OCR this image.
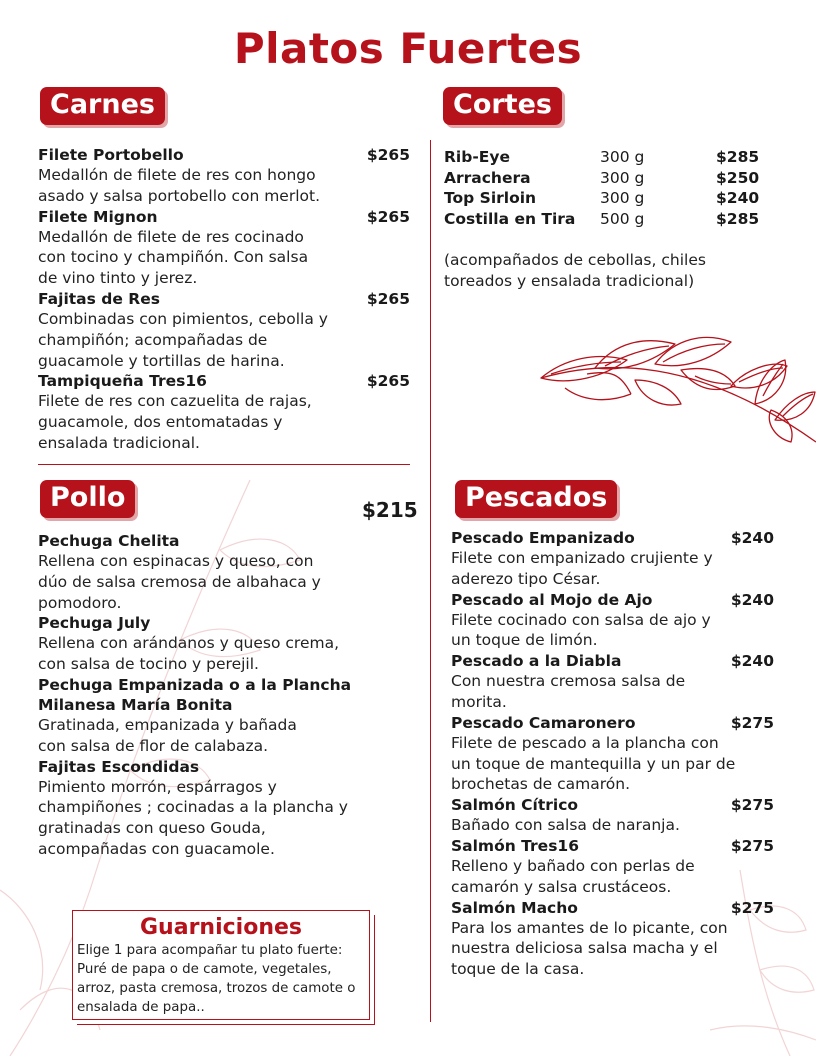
Platos Fuertes
Carnes
Filete Portobello	$265
Medallón de filete de res con hongo asado y salsa portobello con merlot.
Filete Mignon	$265
Medallón de filete de res cocinado con tocino y champiñón. Con salsa de vino tinto y jerez.
Fajitas de Res	$265
Combinadas con pimientos, cebolla y champiñón; acompañadas de guacamole y tortillas de harina.
Tampiqueña Tres16	$265
Filete de res con cazuelita de rajas, guacamole, dos entomatadas y ensalada tradicional.
Cortes
Rib-Eye	300 g	$285
Arrachera	300 g	$250
Top Sirloin	300 g	$240
Costilla en Tira	500 g	$285
(acompañados de cebollas, chiles toreados y ensalada tradicional)
Pollo	$215
Pechuga Chelita
Rellena con espinacas y queso, con dúo de salsa cremosa de albahaca y pomodoro.
Pechuga July
Rellena con arándanos y queso crema, con salsa de tocino y perejil.
Pechuga Empanizada o a la Plancha
Milanesa María Bonita
Gratinada, empanizada y bañada con salsa de flor de calabaza.
Fajitas Escondidas
Pimiento morrón, espárragos y champiñones ; cocinadas a la plancha y gratinadas con queso Gouda, acompañadas con guacamole.
Guarniciones
Elige 1 para acompañar tu plato fuerte: Puré de papa o de camote, vegetales, arroz, pasta cremosa, trozos de camote o ensalada de papa..
Pescados
Pescado Empanizado	$240
Filete con empanizado crujiente y aderezo tipo César.
Pescado al Mojo de Ajo	$240
Filete cocinado con salsa de ajo y un toque de limón.
Pescado a la Diabla	$240
Con nuestra cremosa salsa de morita.
Pescado Camaronero	$275
Filete de pescado a la plancha con un toque de mantequilla y un par de brochetas de camarón.
Salmón Cítrico	$275
Bañado con salsa de naranja.
Salmón Tres16	$275
Relleno y bañado con perlas de camarón y salsa crustáceos.
Salmón Macho	$275
Para los amantes de lo picante, con nuestra deliciosa salsa macha y el toque de la casa.
